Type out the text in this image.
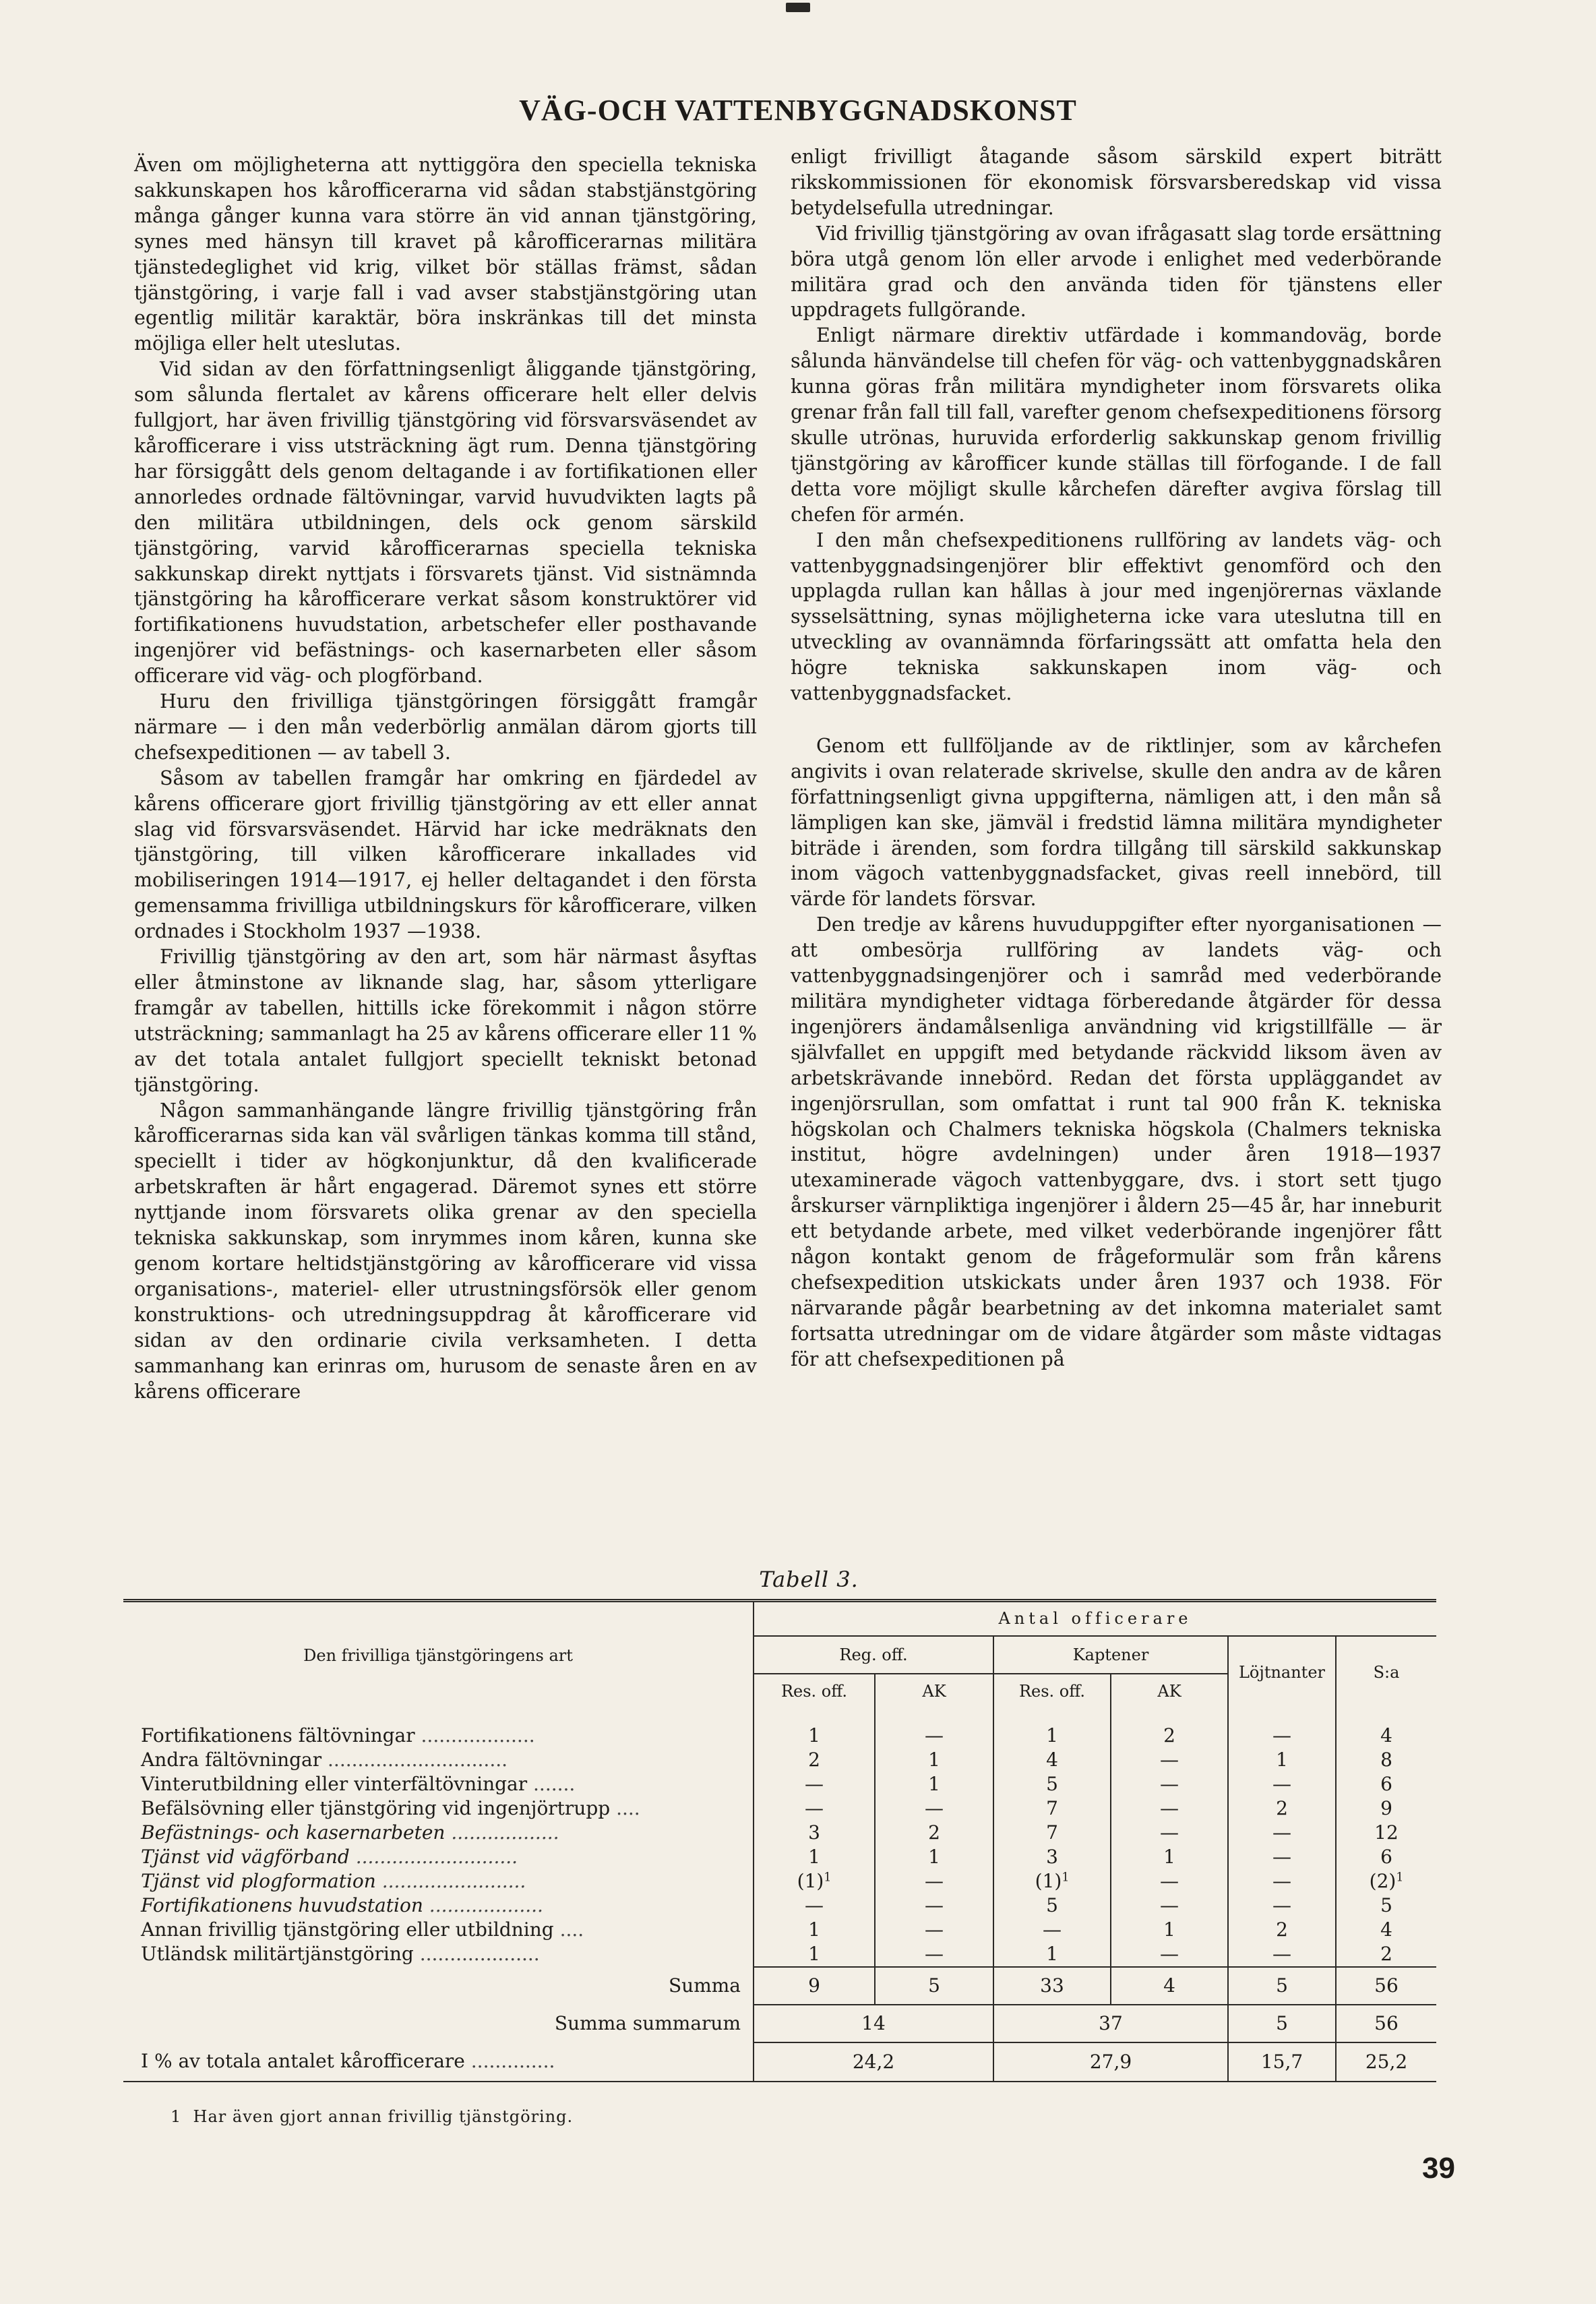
VÄG-OCH VATTENBYGGNADSKONST

Även om möjligheterna att nyttiggöra den speciella tekniska sakkunskapen hos kårofficerarna vid sådan stabstjänstgöring många gånger kunna vara större än vid annan tjänstgöring, synes med hänsyn till kravet på kårofficerarnas militära tjänstedeglighet vid krig, vilket bör ställas främst, sådan tjänstgöring, i varje fall i vad avser stabstjänstgöring utan egentlig militär karaktär, böra inskränkas till det minsta möjliga eller helt uteslutas.

Vid sidan av den författningsenligt åliggande tjänstgöring, som sålunda flertalet av kårens officerare helt eller delvis fullgjort, har även frivillig tjänstgöring vid försvarsväsendet av kårofficerare i viss utsträckning ägt rum. Denna tjänstgöring har försiggått dels genom deltagande i av fortifikationen eller annorledes ordnade fältövningar, varvid huvudvikten lagts på den militära utbildningen, dels ock genom särskild tjänstgöring, varvid kårofficerarnas speciella tekniska sakkunskap direkt nyttjats i försvarets tjänst. Vid sistnämnda tjänstgöring ha kårofficerare verkat såsom konstruktörer vid fortifikationens huvudstation, arbetschefer eller posthavande ingenjörer vid befästnings- och kasernarbeten eller såsom officerare vid väg- och plogförband.

Huru den frivilliga tjänstgöringen försiggått framgår närmare — i den mån vederbörlig anmälan därom gjorts till chefsexpeditionen — av tabell 3.

Såsom av tabellen framgår har omkring en fjärdedel av kårens officerare gjort frivillig tjänstgöring av ett eller annat slag vid försvarsväsendet. Härvid har icke medräknats den tjänstgöring, till vilken kårofficerare inkallades vid mobiliseringen 1914—1917, ej heller deltagandet i den första gemensamma frivilliga utbildningskurs för kårofficerare, vilken ordnades i Stockholm 1937 —1938.

Frivillig tjänstgöring av den art, som här närmast åsyftas eller åtminstone av liknande slag, har, såsom ytterligare framgår av tabellen, hittills icke förekommit i någon större utsträckning; sammanlagt ha 25 av kårens officerare eller 11 % av det totala antalet fullgjort speciellt tekniskt betonad tjänstgöring.

Någon sammanhängande längre frivillig tjänstgöring från kårofficerarnas sida kan väl svårligen tänkas komma till stånd, speciellt i tider av högkonjunktur, då den kvalificerade arbetskraften är hårt engagerad. Däremot synes ett större nyttjande inom försvarets olika grenar av den speciella tekniska sakkunskap, som inrymmes inom kåren, kunna ske genom kortare heltidstjänstgöring av kårofficerare vid vissa organisations-, materiel- eller utrustningsförsök eller genom konstruktions- och utredningsuppdrag åt kårofficerare vid sidan av den ordinarie civila verksamheten. I detta sammanhang kan erinras om, hurusom de senaste åren en av kårens officerare

enligt frivilligt åtagande såsom särskild expert biträtt rikskommissionen för ekonomisk försvarsberedskap vid vissa betydelsefulla utredningar.

Vid frivillig tjänstgöring av ovan ifrågasatt slag torde ersättning böra utgå genom lön eller arvode i enlighet med vederbörande militära grad och den använda tiden för tjänstens eller uppdragets fullgörande.

Enligt närmare direktiv utfärdade i kommandoväg, borde sålunda hänvändelse till chefen för väg- och vattenbyggnadskåren kunna göras från militära myndigheter inom försvarets olika grenar från fall till fall, varefter genom chefsexpeditionens försorg skulle utrönas, huruvida erforderlig sakkunskap genom frivillig tjänstgöring av kårofficer kunde ställas till förfogande. I de fall detta vore möjligt skulle kårchefen därefter avgiva förslag till chefen för armén.

I den mån chefsexpeditionens rullföring av landets väg- och vattenbyggnadsingenjörer blir effektivt genomförd och den upplagda rullan kan hållas à jour med ingenjörernas växlande sysselsättning, synas möjligheterna icke vara uteslutna till en utveckling av ovannämnda förfaringssätt att omfatta hela den högre tekniska sakkunskapen inom väg- och vattenbyggnadsfacket.

Genom ett fullföljande av de riktlinjer, som av kårchefen angivits i ovan relaterade skrivelse, skulle den andra av de kåren författningsenligt givna uppgifterna, nämligen att, i den mån så lämpligen kan ske, jämväl i fredstid lämna militära myndigheter biträde i ärenden, som fordra tillgång till särskild sakkunskap inom vägoch vattenbyggnadsfacket, givas reell innebörd, till värde för landets försvar.

Den tredje av kårens huvuduppgifter efter nyorganisationen — att ombesörja rullföring av landets väg- och vattenbyggnadsingenjörer och i samråd med vederbörande militära myndigheter vidtaga förberedande åtgärder för dessa ingenjörers ändamålsenliga användning vid krigstillfälle — är självfallet en uppgift med betydande räckvidd liksom även av arbetskrävande innebörd. Redan det första uppläggandet av ingenjörsrullan, som omfattat i runt tal 900 från K. tekniska högskolan och Chalmers tekniska högskola (Chalmers tekniska institut, högre avdelningen) under åren 1918—1937 utexaminerade vägoch vattenbyggare, dvs. i stort sett tjugo årskurser värnpliktiga ingenjörer i åldern 25—45 år, har inneburit ett betydande arbete, med vilket vederbörande ingenjörer fått någon kontakt genom de frågeformulär som från kårens chefsexpedition utskickats under åren 1937 och 1938. För närvarande pågår bearbetning av det inkomna materialet samt fortsatta utredningar om de vidare åtgärder som måste vidtagas för att chefsexpeditionen på

Tabell 3.
Den frivilliga tjänstgöringens art	Antal officerare					
	Reg. off.		Kaptener		Löjtnanter	S:a
	Res. off.	AK	Res. off.	AK		
Fortifikationens fältövningar ...................	1	—	1	2	—	4
Andra fältövningar ..............................	2	1	4	—	1	8
Vinterutbildning eller vinterfältövningar .......	—	1	5	—	—	6
Befälsövning eller tjänstgöring vid ingenjörtrupp ....	—	—	7	—	2	9
Befästnings- och kasernarbeten ..................	3	2	7	—	—	12
Tjänst vid vägförband ...........................	1	1	3	1	—	6
Tjänst vid plogformation ........................	$(1)^1$	—	$(1)^1$	—	—	$(2)^1$
Fortifikationens huvudstation ...................	—	—	5	—	—	5
Annan frivillig tjänstgöring eller utbildning ....	1	—	—	1	2	4
Utländsk militärtjänstgöring ....................	1	—	1	—	—	2
Summa	9	5	33	4	5	56
Summa summarum	14		37		5	56
I % av totala antalet kårofficerare ..............	24,2		27,9		15,7	25,2
1 Har även gjort annan frivillig tjänstgöring.
39
